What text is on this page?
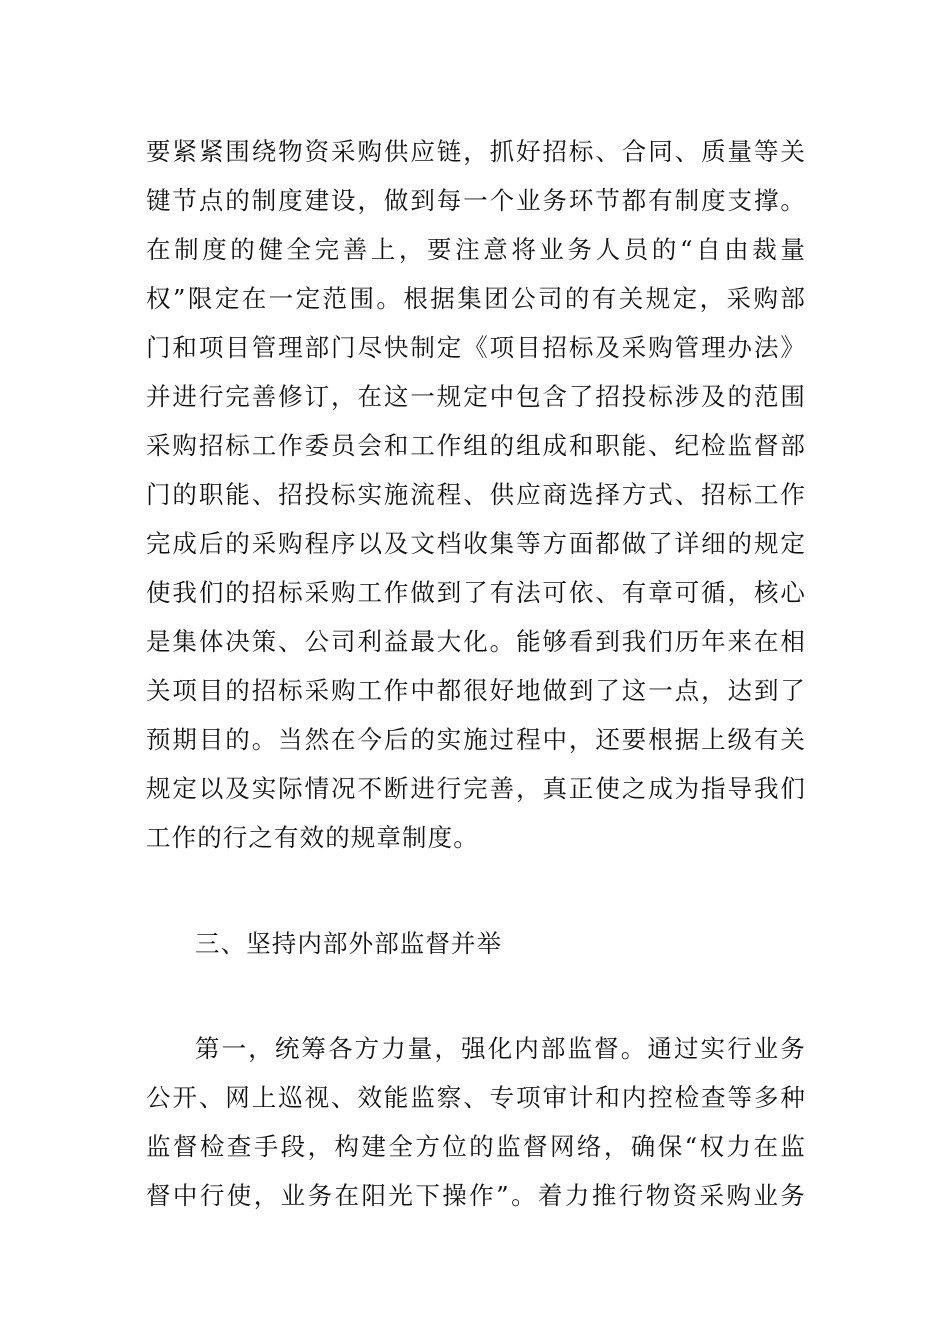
要紧紧围绕物资采购供应链，抓好招标、合同、质量等关
键节点的制度建设，做到每一个业务环节都有制度支撑。
在制度的健全完善上，要注意将业务人员的“自由裁量
权”限定在一定范围。根据集团公司的有关规定，采购部
门和项目管理部门尽快制定《项目招标及采购管理办法》
并进行完善修订，在这一规定中包含了招投标涉及的范围
采购招标工作委员会和工作组的组成和职能、纪检监督部
门的职能、招投标实施流程、供应商选择方式、招标工作
完成后的采购程序以及文档收集等方面都做了详细的规定
使我们的招标采购工作做到了有法可依、有章可循，核心
是集体决策、公司利益最大化。能够看到我们历年来在相
关项目的招标采购工作中都很好地做到了这一点，达到了
预期目的。当然在今后的实施过程中，还要根据上级有关
规定以及实际情况不断进行完善，真正使之成为指导我们
工作的行之有效的规章制度。
三、坚持内部外部监督并举
第一，统筹各方力量，强化内部监督。通过实行业务
公开、网上巡视、效能监察、专项审计和内控检查等多种
监督检查手段，构建全方位的监督网络，确保“权力在监
督中行使，业务在阳光下操作”。着力推行物资采购业务
